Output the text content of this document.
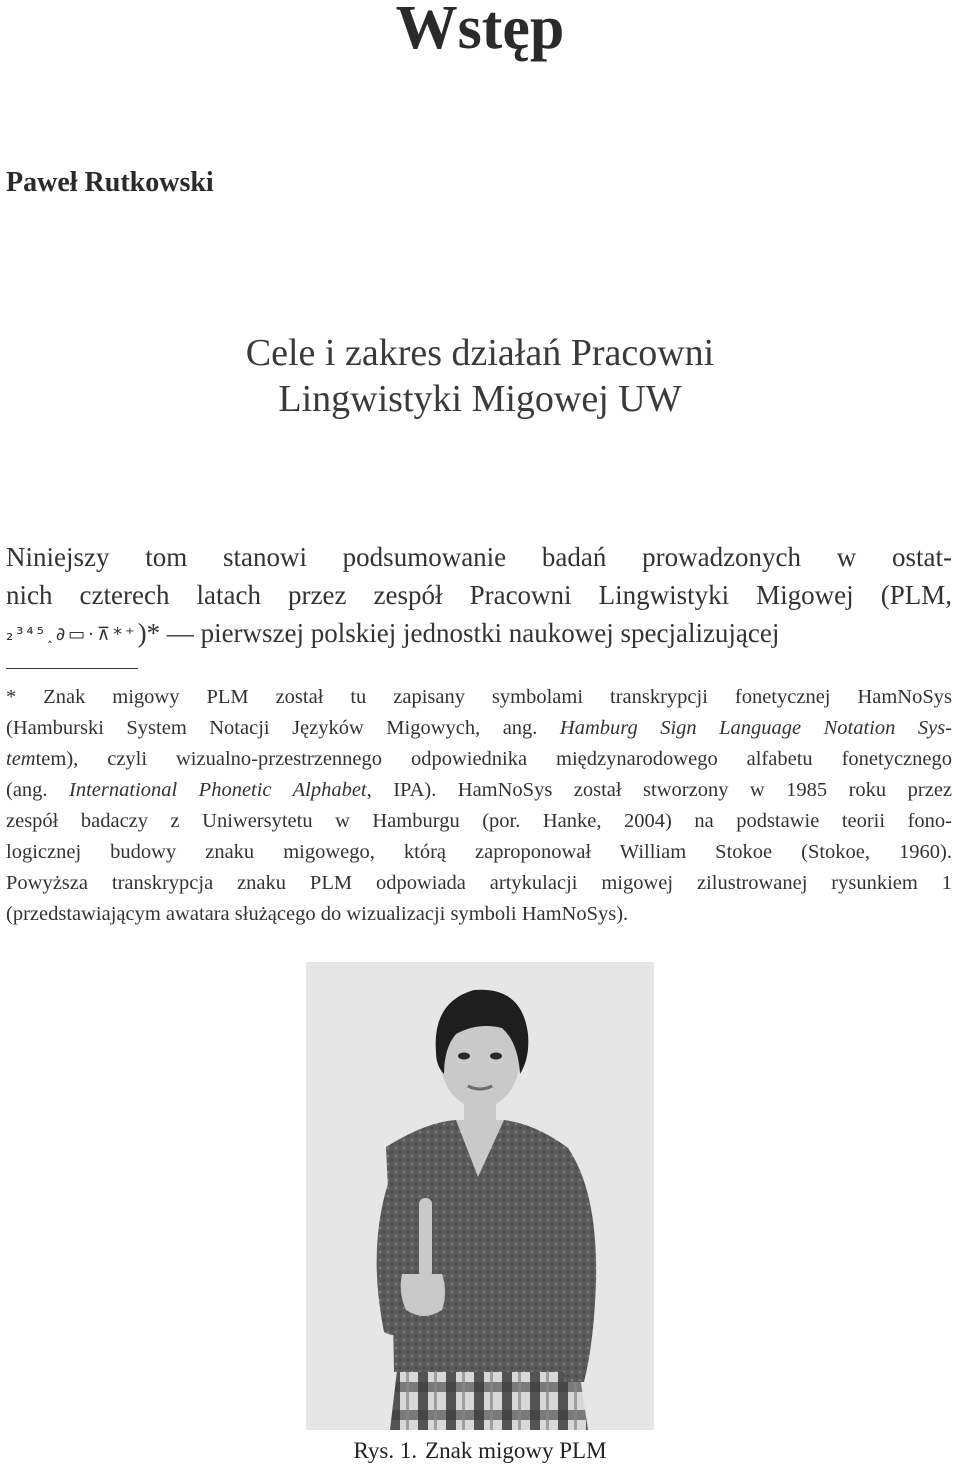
Wstęp
Paweł Rutkowski
Cele i zakres działań Pracowni
Lingwistyki Migowej UW
Niniejszy tom stanowi podsumowanie badań prowadzonych w ostat-
nich czterech latach przez zespół Pracowni Lingwistyki Migowej (PLM,
₂³⁴⁵˰∂▭·⊼*⁺)* — pierwszej polskiej jednostki naukowej specjalizującej
* Znak migowy PLM został tu zapisany symbolami transkrypcji fonetycznej HamNoSys
(Hamburski System Notacji Języków Migowych, ang. Hamburg Sign Language Notation Sys-
temtem), czyli wizualno-przestrzennego odpowiednika międzynarodowego alfabetu fonetycznego
(ang. International Phonetic Alphabet, IPA). HamNoSys został stworzony w 1985 roku przez
zespół badaczy z Uniwersytetu w Hamburgu (por. Hanke, 2004) na podstawie teorii fono-
logicznej budowy znaku migowego, którą zaproponował William Stokoe (Stokoe, 1960).
Powyższa transkrypcja znaku PLM odpowiada artykulacji migowej zilustrowanej rysunkiem 1
(przedstawiającym awatara służącego do wizualizacji symboli HamNoSys).
Rys. 1. Znak migowy PLM
